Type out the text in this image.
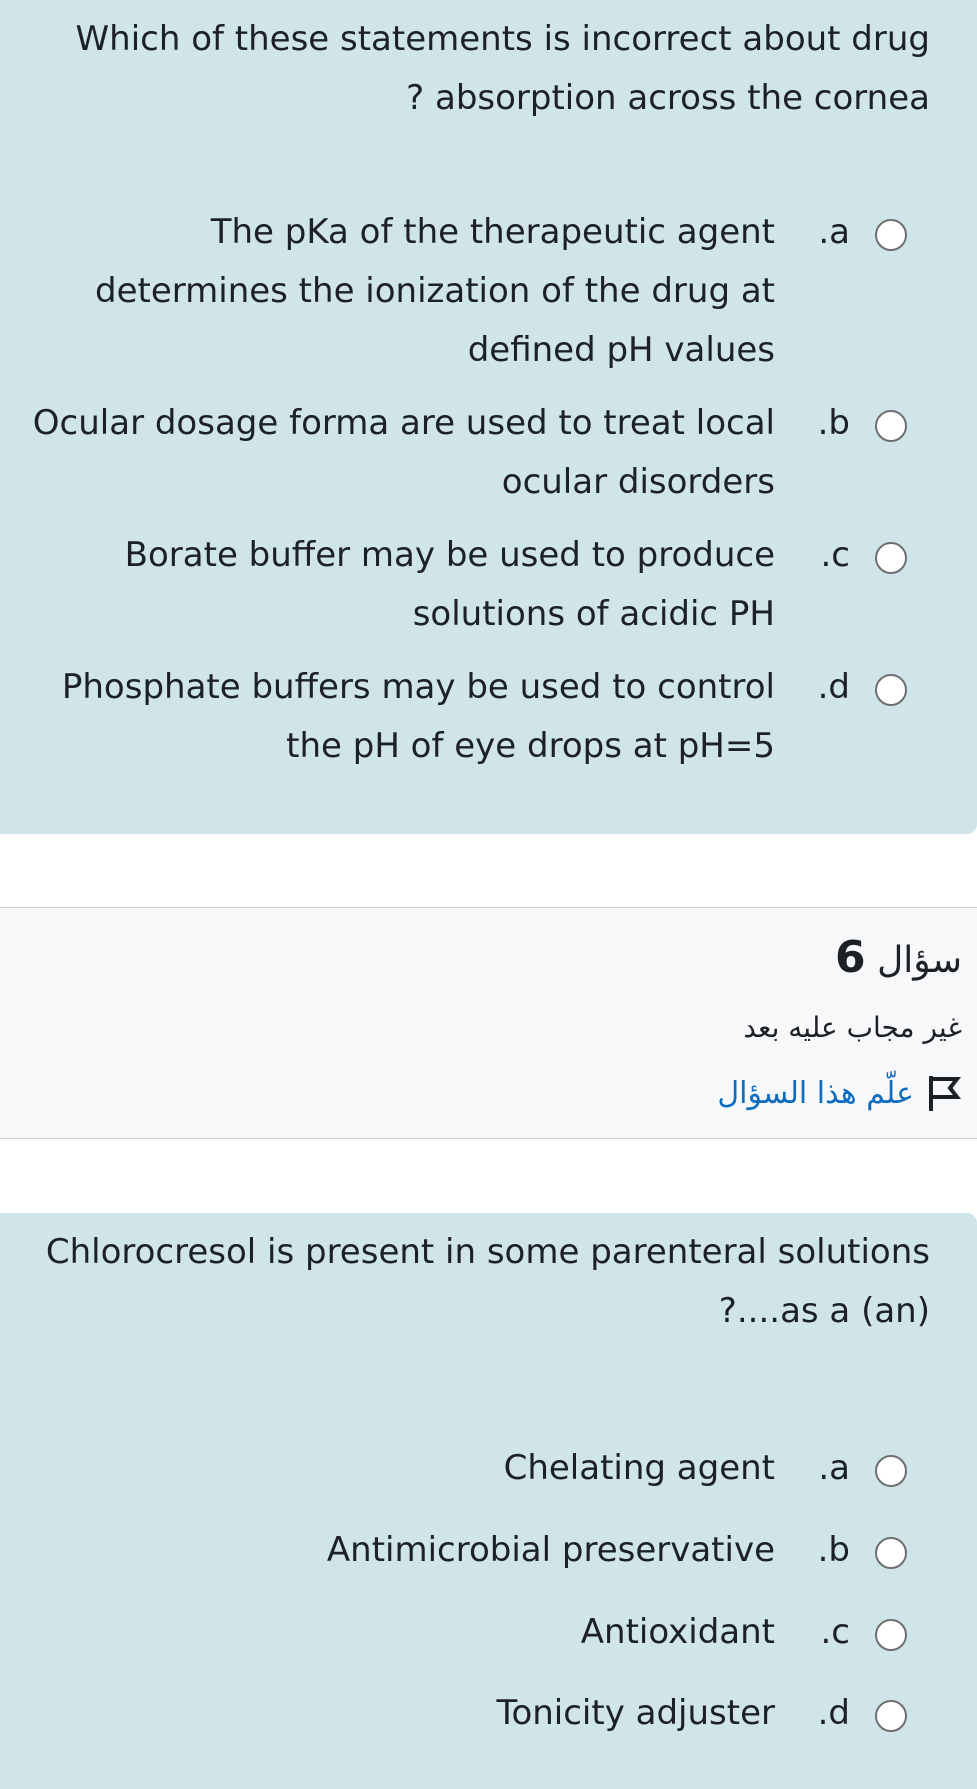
Which of these statements is incorrect about drug
? absorption across the cornea
.a
The pKa of the therapeutic agent
determines the ionization of the drug at
defined pH values
.b
Ocular dosage forma are used to treat local
ocular disorders
.c
Borate buffer may be used to produce
solutions of acidic PH
.d
Phosphate buffers may be used to control
the pH of eye drops at pH=5
سؤال 6
غير مجاب عليه بعد
علّم هذا السؤال
Chlorocresol is present in some parenteral solutions
?....as a (an)
.a
Chelating agent
.b
Antimicrobial preservative
.c
Antioxidant
.d
Tonicity adjuster
